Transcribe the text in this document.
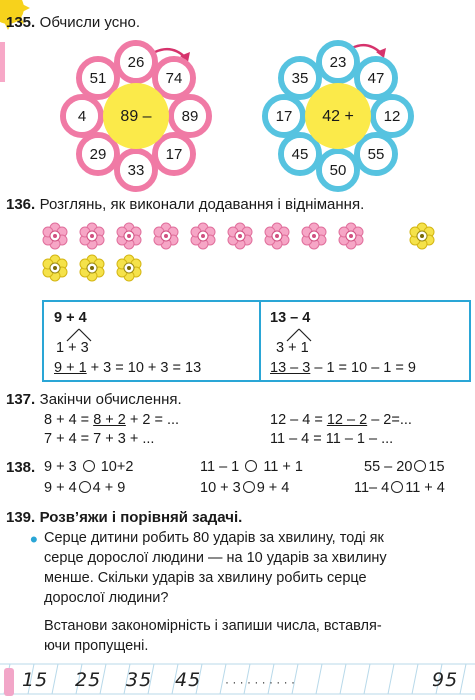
135. Обчисли усно.
89 –
26
74
89
17
33
29
4
51
42 +
23
47
12
55
50
45
17
35
136. Розглянь, як виконали додавання і віднімання.
9 + 4
1 + 3
9 + 1 + 3 = 10 + 3 = 13
13 – 4
3 + 1
13 – 3 – 1 = 10 – 1 = 9
137. Закінчи обчислення.
8 + 4 = 8 + 2 + 2 = ...
7 + 4 = 7 + 3 + ...
12 – 4 = 12 – 2 – 2=...
11 – 4 = 11 – 1 – ...
138. 9 + 3 10+2
9 + 4 4 + 9
11 – 1 11 + 1
10 + 3 9 + 4
55 – 20 15
11– 4 11 + 4
139. Розв’яжи і порівняй задачі.
• Серце дитини робить 80 ударів за хвилину, тоді як
серце дорослої людини — на 10 ударів за хвилину
менше. Скільки ударів за хвилину робить серце
дорослої людини?
Встанови закономірність і запиши числа, вставля-
ючи пропущені.
15 25 35 45 · · · · · · · · · ·	95
